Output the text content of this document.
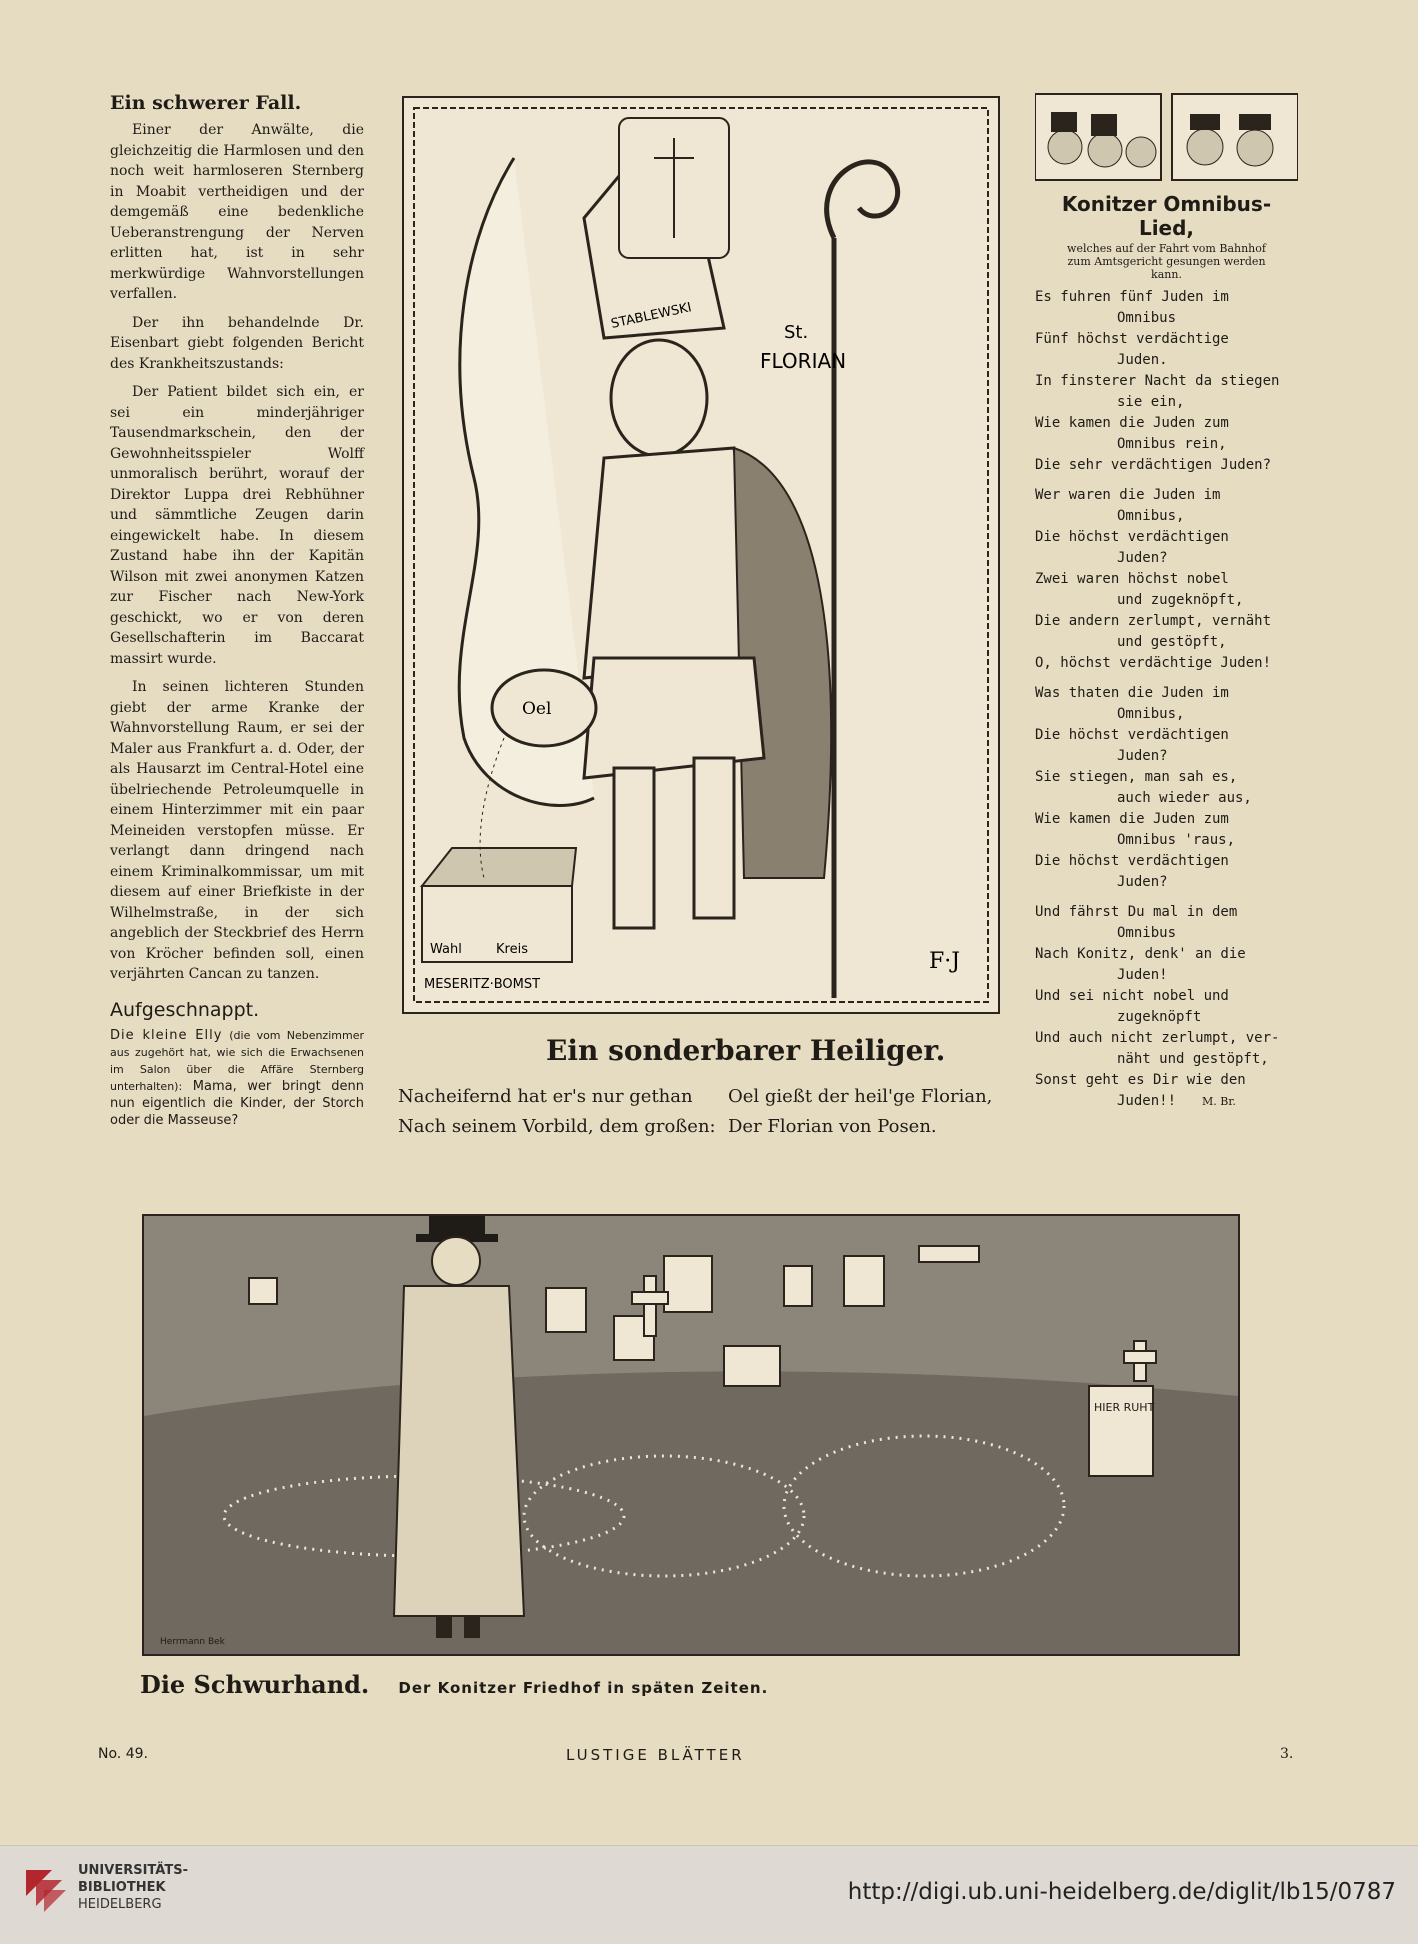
Ein schwerer Fall.

Einer der Anwälte, die gleichzeitig die Harmlosen und den noch weit harmloseren Sternberg in Moabit vertheidigen und der demgemäß eine bedenkliche Ueberanstrengung der Nerven erlitten hat, ist in sehr merkwürdige Wahnvorstellungen verfallen.

Der ihn behandelnde Dr. Eisenbart giebt folgenden Bericht des Krankheitszustands:

Der Patient bildet sich ein, er sei ein minderjähriger Tausendmarkschein, den der Gewohnheitsspieler Wolff unmoralisch berührt, worauf der Direktor Luppa drei Rebhühner und sämmtliche Zeugen darin eingewickelt habe. In diesem Zustand habe ihn der Kapitän Wilson mit zwei anonymen Katzen zur Fischer nach New-York geschickt, wo er von deren Gesellschafterin im Baccarat massirt wurde.

In seinen lichteren Stunden giebt der arme Kranke der Wahnvorstellung Raum, er sei der Maler aus Frankfurt a. d. Oder, der als Hausarzt im Central-Hotel eine übelriechende Petroleumquelle in einem Hinterzimmer mit ein paar Meineiden verstopfen müsse. Er verlangt dann dringend nach einem Kriminalkommissar, um mit diesem auf einer Briefkiste in der Wilhelmstraße, in der sich angeblich der Steckbrief des Herrn von Kröcher befinden soll, einen verjährten Cancan zu tanzen.

Aufgeschnappt.

Die kleine Elly (die vom Nebenzimmer aus zugehört hat, wie sich die Erwachsenen im Salon über die Affäre Sternberg unterhalten): Mama, wer bringt denn nun eigentlich die Kinder, der Storch oder die Masseuse?

Wahl	Kreis
MESERITZ·BOMST
STABLEWSKI
Oel
St.
FLORIAN
F·J
Ein sonderbarer Heiliger.
Nacheifernd hat er's nur gethan
Nach seinem Vorbild, dem großen:
Oel gießt der heil'ge Florian,
Der Florian von Posen.
Konitzer Omnibus-Lied,
welches auf der Fahrt vom Bahnhof zum Amtsgericht gesungen werden kann.

Es fuhren fünf Juden im

Omnibus

Fünf höchst verdächtige

Juden.

In finsterer Nacht da stiegen

sie ein,

Wie kamen die Juden zum

Omnibus rein,

Die sehr verdächtigen Juden?

Wer waren die Juden im

Omnibus,

Die höchst verdächtigen

Juden?

Zwei waren höchst nobel

und zugeknöpft,

Die andern zerlumpt, vernäht

und gestöpft,

O, höchst verdächtige Juden!

Was thaten die Juden im

Omnibus,

Die höchst verdächtigen

Juden?

Sie stiegen, man sah es,

auch wieder aus,

Wie kamen die Juden zum

Omnibus 'raus,

Die höchst verdächtigen

Juden?

Und fährst Du mal in dem

Omnibus

Nach Konitz, denk' an die

Juden!

Und sei nicht nobel und

zugeknöpft

Und auch nicht zerlumpt, ver-

näht und gestöpft,

Sonst geht es Dir wie den

Juden!! M. Br.

HIER RUHT
Herrmann Bek
Die Schwurhand. Der Konitzer Friedhof in späten Zeiten.
No. 49.	LUSTIGE BLÄTTER	3.
UNIVERSITÄTS-
BIBLIOTHEK
HEIDELBERG	http://digi.ub.uni-heidelberg.de/diglit/lb15/0787
